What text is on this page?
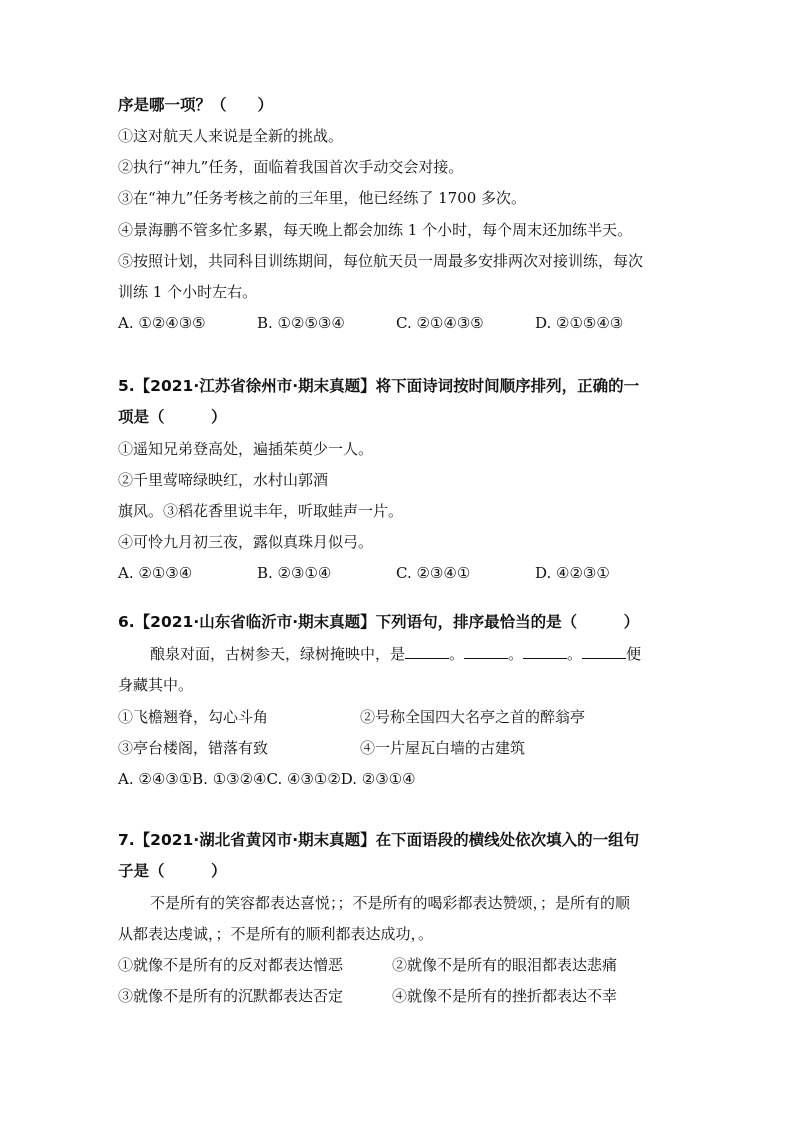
序是哪一项？（　　）
①这对航天人来说是全新的挑战。
②执行“神九”任务，面临着我国首次手动交会对接。
③在“神九”任务考核之前的三年里，他已经练了 1700 多次。
④景海鹏不管多忙多累，每天晚上都会加练 1 个小时，每个周末还加练半天。
⑤按照计划，共同科目训练期间，每位航天员一周最多安排两次对接训练，每次
训练 1 个小时左右。
A. ①②④③⑤	B. ①②⑤③④	C. ②①④③⑤	D. ②①⑤④③
5.【2021·江苏省徐州市·期末真题】将下面诗词按时间顺序排列，正确的一
项是（　　　）
①遥知兄弟登高处，遍插茱萸少一人。
②千里莺啼绿映红，水村山郭酒
旗风。③稻花香里说丰年，听取蛙声一片。
④可怜九月初三夜，露似真珠月似弓。
A. ②①③④	B. ②③①④	C. ②③④①	D. ④②③①
6.【2021·山东省临沂市·期末真题】下列语句，排序最恰当的是（　　　）
酿泉对面，古树参天，绿树掩映中，是	。	。	。	便
身藏其中。
①飞檐翘脊，勾心斗角	②号称全国四大名亭之首的醉翁亭
③亭台楼阁，错落有致	④一片屋瓦白墙的古建筑
A. ②④③①B. ①③②④C. ④③①②D. ②③①④
7.【2021·湖北省黄冈市·期末真题】在下面语段的横线处依次填入的一组句
子是（　　　）
不是所有的笑容都表达喜悦；；不是所有的喝彩都表达赞颂，；是所有的顺
从都表达虔诚，；不是所有的顺利都表达成功，。
①就像不是所有的反对都表达憎恶	②就像不是所有的眼泪都表达悲痛
③就像不是所有的沉默都表达否定	④就像不是所有的挫折都表达不幸
